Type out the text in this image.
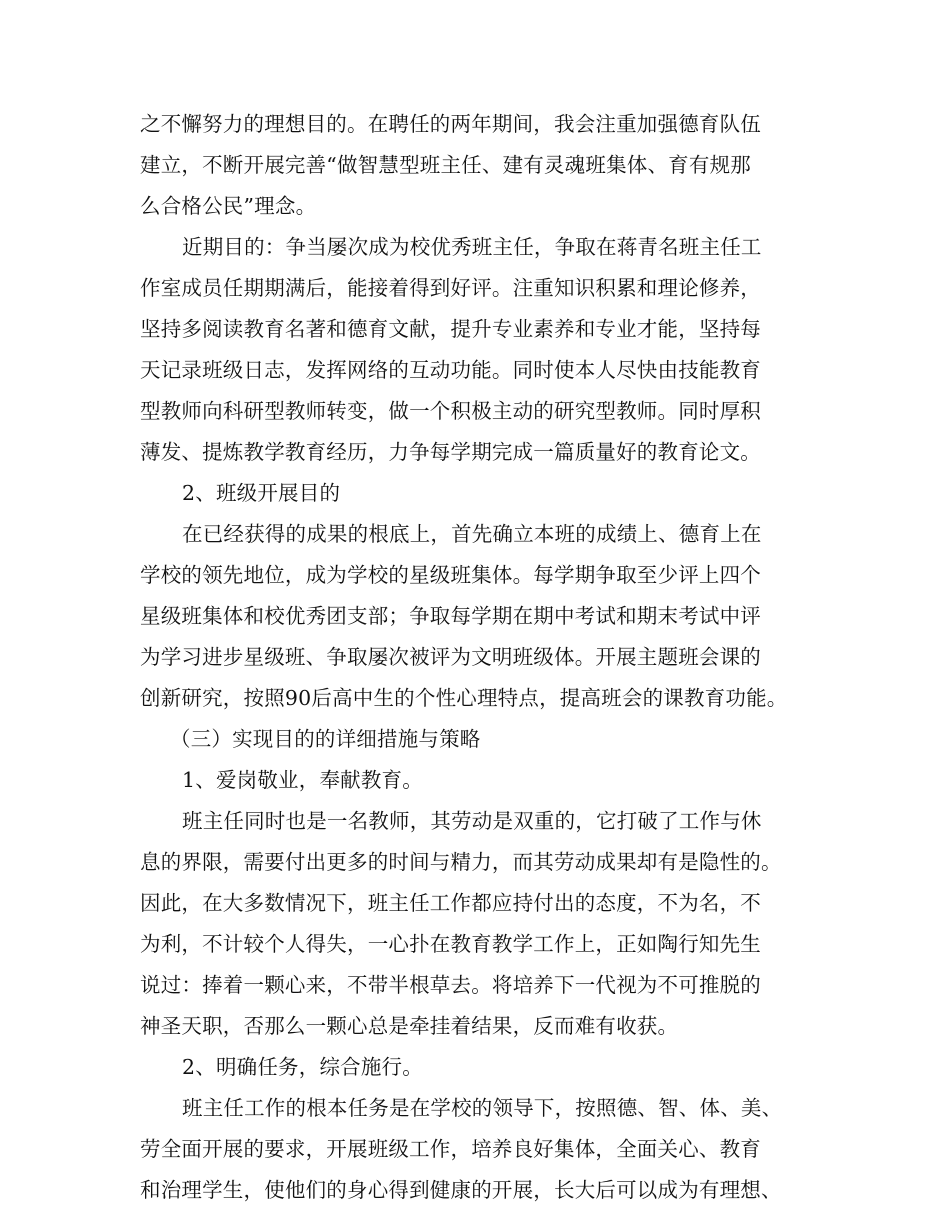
之不懈努力的理想目的。在聘任的两年期间，我会注重加强德育队伍
建立，不断开展完善“做智慧型班主任、建有灵魂班集体、育有规那
么合格公民”理念。
近期目的：争当屡次成为校优秀班主任，争取在蒋青名班主任工
作室成员任期期满后，能接着得到好评。注重知识积累和理论修养，
坚持多阅读教育名著和德育文献，提升专业素养和专业才能，坚持每
天记录班级日志，发挥网络的互动功能。同时使本人尽快由技能教育
型教师向科研型教师转变，做一个积极主动的研究型教师。同时厚积
薄发、提炼教学教育经历，力争每学期完成一篇质量好的教育论文。
2、班级开展目的
在已经获得的成果的根底上，首先确立本班的成绩上、德育上在
学校的领先地位，成为学校的星级班集体。每学期争取至少评上四个
星级班集体和校优秀团支部；争取每学期在期中考试和期末考试中评
为学习进步星级班、争取屡次被评为文明班级体。开展主题班会课的
创新研究，按照90后高中生的个性心理特点，提高班会的课教育功能。
（三）实现目的的详细措施与策略
1、爱岗敬业，奉献教育。
班主任同时也是一名教师，其劳动是双重的，它打破了工作与休
息的界限，需要付出更多的时间与精力，而其劳动成果却有是隐性的。
因此，在大多数情况下，班主任工作都应持付出的态度，不为名，不
为利，不计较个人得失，一心扑在教育教学工作上，正如陶行知先生
说过：捧着一颗心来，不带半根草去。将培养下一代视为不可推脱的
神圣天职，否那么一颗心总是牵挂着结果，反而难有收获。
2、明确任务，综合施行。
班主任工作的根本任务是在学校的领导下，按照德、智、体、美、
劳全面开展的要求，开展班级工作，培养良好集体，全面关心、教育
和治理学生，使他们的身心得到健康的开展，长大后可以成为有理想、
